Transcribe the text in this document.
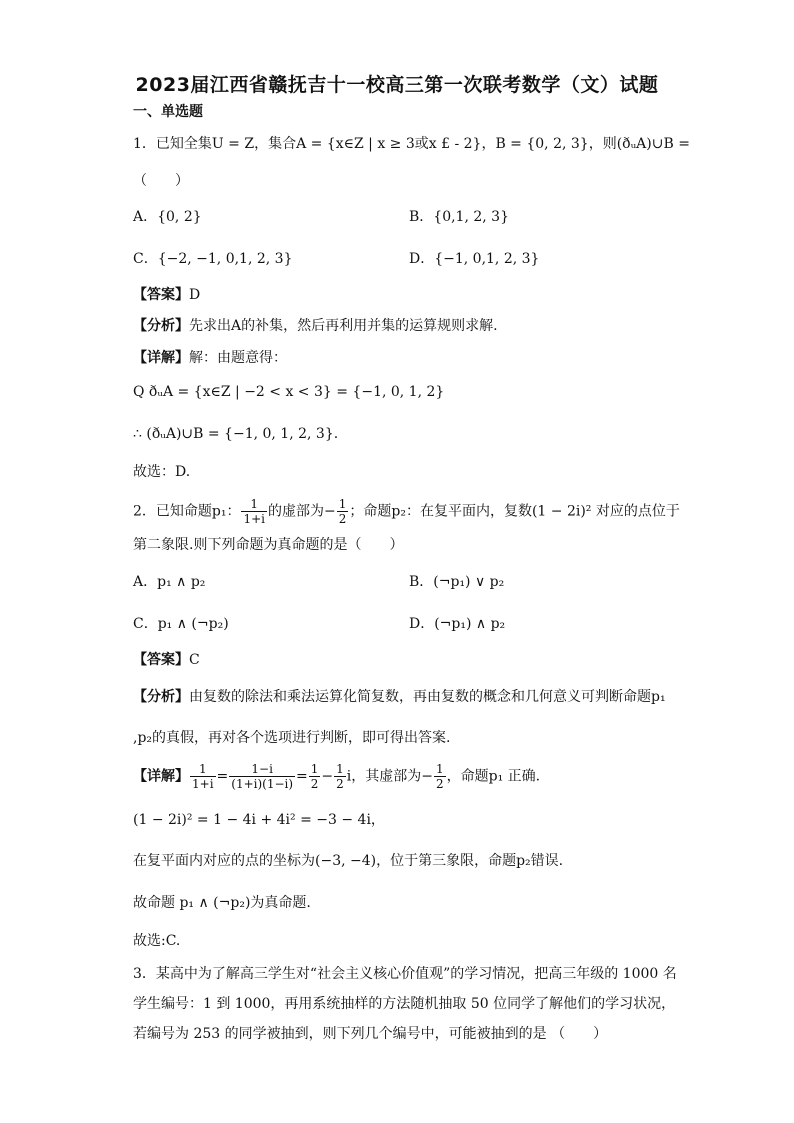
2023届江西省赣抚吉十一校高三第一次联考数学（文）试题
一、单选题
1．已知全集U = Z，集合A = {x∈Z | x ≥ 3或x £ - 2}，B = {0, 2, 3}，则(ðᵤA)∪B =
（　　）
A．{0, 2}	B．{0,1, 2, 3}
C．{−2, −1, 0,1, 2, 3}	D．{−1, 0,1, 2, 3}
【答案】D
【分析】先求出A的补集，然后再利用并集的运算规则求解.
【详解】解：由题意得：
Q ðᵤA = {x∈Z | −2 < x < 3} = {−1, 0, 1, 2}
∴ (ðᵤA)∪B = {−1, 0, 1, 2, 3}.
故选：D.
2．已知命题p₁： $\frac{1}{1+i}$ 的虚部为− $\frac{1}{2}$ ；命题p₂：在复平面内，复数(1 − 2i)² 对应的点位于
第二象限.则下列命题为真命题的是（　　）
A．p₁ ∧ p₂	B．(¬p₁) ∨ p₂
C．p₁ ∧ (¬p₂)	D．(¬p₁) ∧ p₂
【答案】C
【分析】由复数的除法和乘法运算化简复数，再由复数的概念和几何意义可判断命题p₁
,p₂的真假，再对各个选项进行判断，即可得出答案.
【详解】 $\frac{1}{1+i} = \frac{1-i}{(1+i)(1-i)} = \frac{1}{2} - \frac{1}{2}$ i，其虚部为− $\frac{1}{2}$ ，命题p₁ 正确.
(1 − 2i)² = 1 − 4i + 4i² = −3 − 4i，
在复平面内对应的点的坐标为(−3, −4)，位于第三象限，命题p₂错误.
故命题 p₁ ∧ (¬p₂)为真命题.
故选:C.
3．某高中为了解高三学生对“社会主义核心价值观”的学习情况，把高三年级的 1000 名
学生编号：1 到 1000，再用系统抽样的方法随机抽取 50 位同学了解他们的学习状况，
若编号为 253 的同学被抽到，则下列几个编号中，可能被抽到的是 （　　）
